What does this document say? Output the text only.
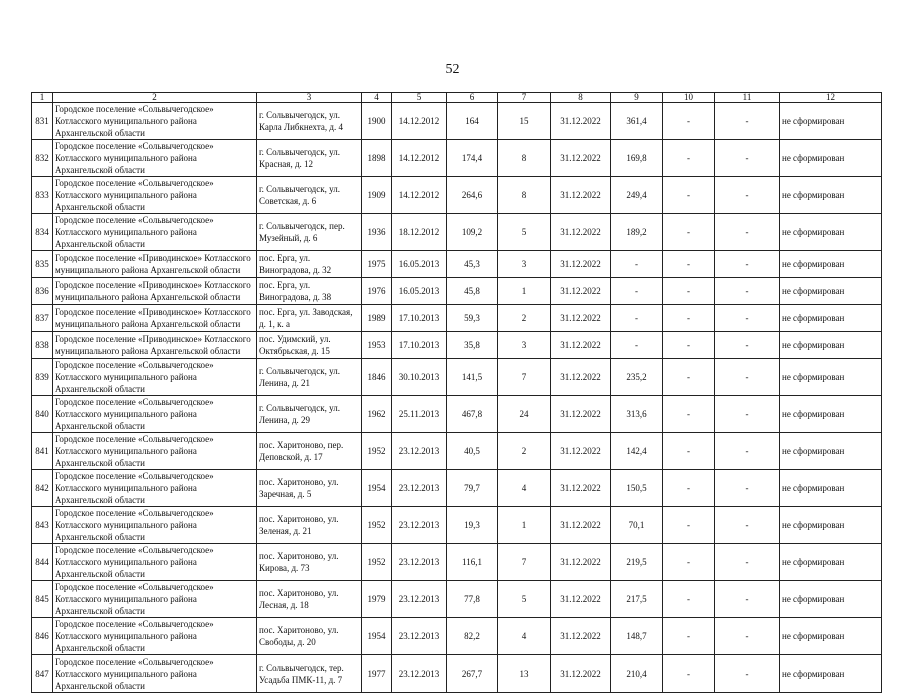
52
1	2	3	4	5	6	7	8	9	10	11	12
831	Городское поселение «Сольвычегодское» Котласского муниципального района Архангельской области	г. Сольвычегодск, ул. Карла Либкнехта, д. 4	1900	14.12.2012	164	15	31.12.2022	361,4	-	-	не сформирован
832	Городское поселение «Сольвычегодское» Котласского муниципального района Архангельской области	г. Сольвычегодск, ул. Красная, д. 12	1898	14.12.2012	174,4	8	31.12.2022	169,8	-	-	не сформирован
833	Городское поселение «Сольвычегодское» Котласского муниципального района Архангельской области	г. Сольвычегодск, ул. Советская, д. 6	1909	14.12.2012	264,6	8	31.12.2022	249,4	-	-	не сформирован
834	Городское поселение «Сольвычегодское» Котласского муниципального района Архангельской области	г. Сольвычегодск, пер. Музейный, д. 6	1936	18.12.2012	109,2	5	31.12.2022	189,2	-	-	не сформирован
835	Городское поселение «Приводинское» Котласского муниципального района Архангельской области	пос. Ерга, ул. Виноградова, д. 32	1975	16.05.2013	45,3	3	31.12.2022	-	-	-	не сформирован
836	Городское поселение «Приводинское» Котласского муниципального района Архангельской области	пос. Ерга, ул. Виноградова, д. 38	1976	16.05.2013	45,8	1	31.12.2022	-	-	-	не сформирован
837	Городское поселение «Приводинское» Котласского муниципального района Архангельской области	пос. Ерга, ул. Заводская, д. 1, к. а	1989	17.10.2013	59,3	2	31.12.2022	-	-	-	не сформирован
838	Городское поселение «Приводинское» Котласского муниципального района Архангельской области	пос. Удимский, ул. Октябрьская, д. 15	1953	17.10.2013	35,8	3	31.12.2022	-	-	-	не сформирован
839	Городское поселение «Сольвычегодское» Котласского муниципального района Архангельской области	г. Сольвычегодск, ул. Ленина, д. 21	1846	30.10.2013	141,5	7	31.12.2022	235,2	-	-	не сформирован
840	Городское поселение «Сольвычегодское» Котласского муниципального района Архангельской области	г. Сольвычегодск, ул. Ленина, д. 29	1962	25.11.2013	467,8	24	31.12.2022	313,6	-	-	не сформирован
841	Городское поселение «Сольвычегодское» Котласского муниципального района Архангельской области	пос. Харитоново, пер. Деповской, д. 17	1952	23.12.2013	40,5	2	31.12.2022	142,4	-	-	не сформирован
842	Городское поселение «Сольвычегодское» Котласского муниципального района Архангельской области	пос. Харитоново, ул. Заречная, д. 5	1954	23.12.2013	79,7	4	31.12.2022	150,5	-	-	не сформирован
843	Городское поселение «Сольвычегодское» Котласского муниципального района Архангельской области	пос. Харитоново, ул. Зеленая, д. 21	1952	23.12.2013	19,3	1	31.12.2022	70,1	-	-	не сформирован
844	Городское поселение «Сольвычегодское» Котласского муниципального района Архангельской области	пос. Харитоново, ул. Кирова, д. 73	1952	23.12.2013	116,1	7	31.12.2022	219,5	-	-	не сформирован
845	Городское поселение «Сольвычегодское» Котласского муниципального района Архангельской области	пос. Харитоново, ул. Лесная, д. 18	1979	23.12.2013	77,8	5	31.12.2022	217,5	-	-	не сформирован
846	Городское поселение «Сольвычегодское» Котласского муниципального района Архангельской области	пос. Харитоново, ул. Свободы, д. 20	1954	23.12.2013	82,2	4	31.12.2022	148,7	-	-	не сформирован
847	Городское поселение «Сольвычегодское» Котласского муниципального района Архангельской области	г. Сольвычегодск, тер. Усадьба ПМК-11, д. 7	1977	23.12.2013	267,7	13	31.12.2022	210,4	-	-	не сформирован
